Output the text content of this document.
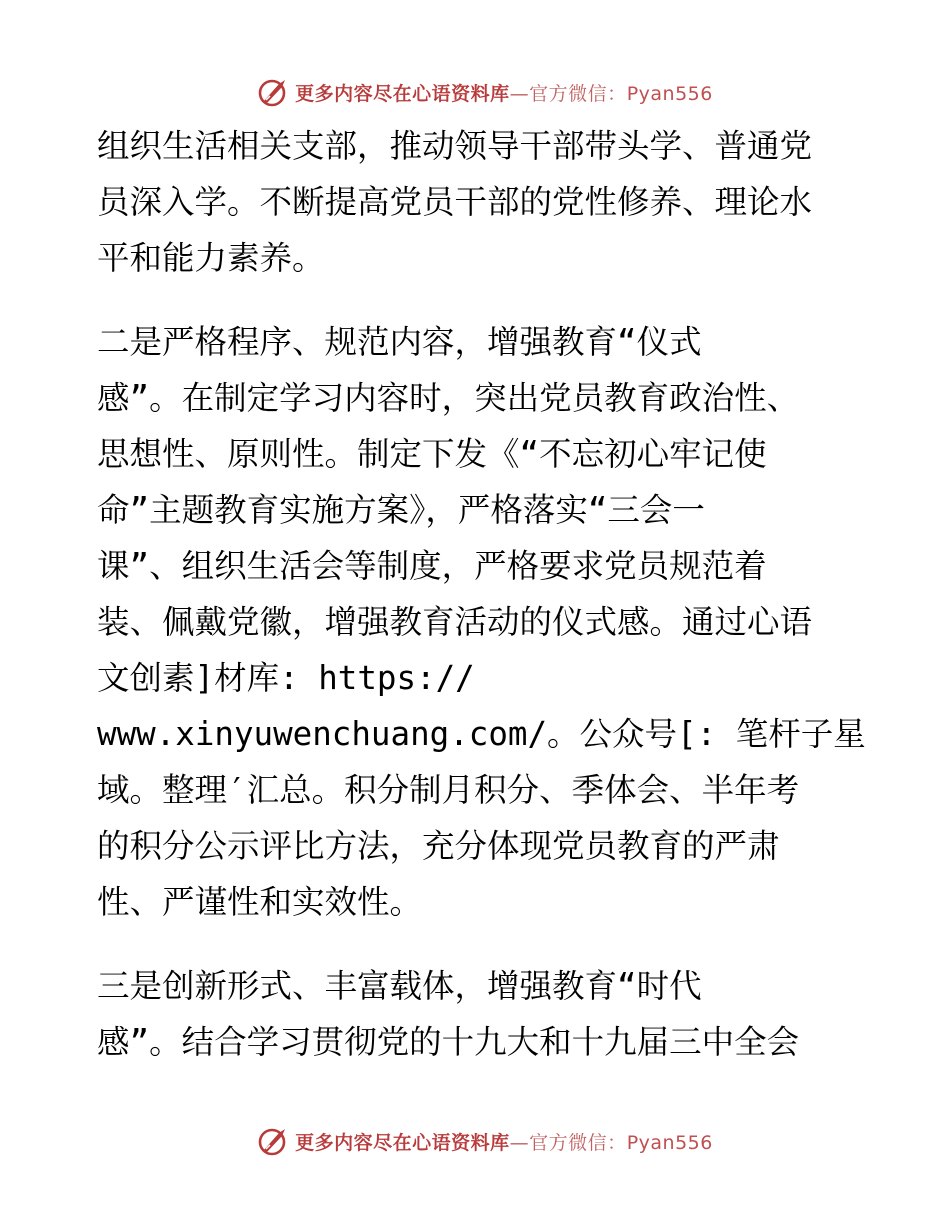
更多内容尽在心语资料库—官方微信：Pyan556
组织生活相关支部，推动领导干部带头学、普通党
员深入学。不断提高党员干部的党性修养、理论水
平和能力素养。
二是严格程序、规范内容，增强教育“仪式
感”。在制定学习内容时，突出党员教育政治性、
思想性、原则性。制定下发《“不忘初心牢记使
命”主题教育实施方案》，严格落实“三会一
课”、组织生活会等制度，严格要求党员规范着
装、佩戴党徽，增强教育活动的仪式感。通过心语
文创素]材库: https://
www.xinyuwenchuang.com/。公众号[: 笔杆子星
域。整理′汇总。积分制月积分、季体会、半年考
的积分公示评比方法，充分体现党员教育的严肃
性、严谨性和实效性。
三是创新形式、丰富载体，增强教育“时代
感”。结合学习贯彻党的十九大和十九届三中全会
更多内容尽在心语资料库—官方微信：Pyan556
